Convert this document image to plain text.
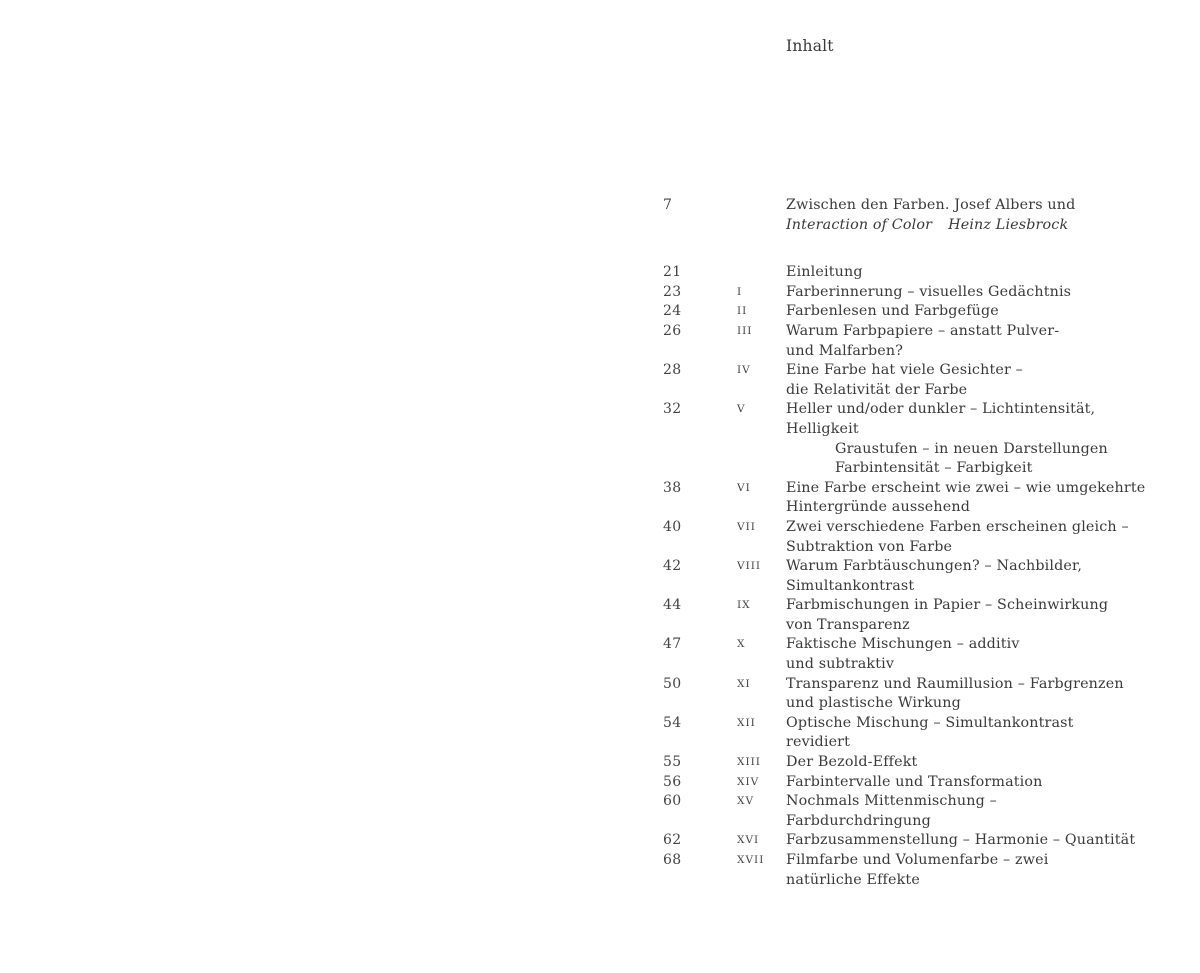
Inhalt
7	Zwischen den Farben. Josef Albers und
Interaction of Color Heinz Liesbrock
21	Einleitung
23	I	Farberinnerung – visuelles Gedächtnis
24	II	Farbenlesen und Farbgefüge
26	III Warum Farbpapiere – anstatt Pulver-
und Malfarben?
28	IV Eine Farbe hat viele Gesichter –
die Relativität der Farbe
32	V	Heller und/oder dunkler – Lichtintensität,
Helligkeit
Graustufen – in neuen Darstellungen
Farbintensität – Farbigkeit
38	VI Eine Farbe erscheint wie zwei – wie umgekehrte
Hintergründe aussehend
40	VII Zwei verschiedene Farben erscheinen gleich –
Subtraktion von Farbe
42	VIII Warum Farbtäuschungen? – Nachbilder,
Simultankontrast
44	IX Farbmischungen in Papier – Scheinwirkung
von Transparenz
47	X	Faktische Mischungen – additiv
und subtraktiv
50	XI Transparenz und Raumillusion – Farbgrenzen
und plastische Wirkung
54	XII Optische Mischung – Simultankontrast
revidiert
55	XIII Der Bezold-Effekt
56	XIV Farbintervalle und Transformation
60	XV Nochmals Mittenmischung –
Farbdurchdringung
62	XVI Farbzusammenstellung – Harmonie – Quantität
68	XVII Filmfarbe und Volumenfarbe – zwei
natürliche Effekte
